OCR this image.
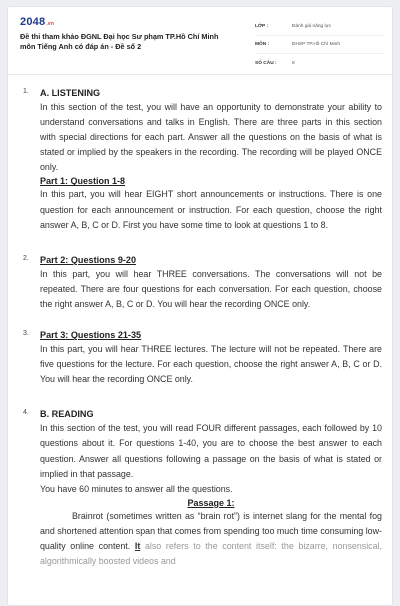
2048.vn
Đề thi tham khảo ĐGNL Đại học Sư phạm TP.Hồ Chí Minh
môn Tiếng Anh có đáp án - Đề số 2
LỚP :	Đánh giá năng lực
MÔN :	ĐHSP TP.Hồ Chí Minh
SỐ CÂU :	8
1. A. LISTENING

In this section of the test, you will have an opportunity to demonstrate your ability to understand conversations and talks in English. There are three parts in this section with special directions for each part. Answer all the questions on the basis of what is stated or implied by the speakers in the recording. The recording will be played ONCE only.

Part 1: Question 1-8

In this part, you will hear EIGHT short announcements or instructions. There is one question for each announcement or instruction. For each question, choose the right answer A, B, C or D. First you have some time to look at questions 1 to 8.

2. Part 2: Questions 9-20

In this part, you will hear THREE conversations. The conversations will not be repeated. There are four questions for each conversation. For each question, choose the right answer A, B, C or D. You will hear the recording ONCE only.

3. Part 3: Questions 21-35

In this part, you will hear THREE lectures. The lecture will not be repeated. There are five questions for the lecture. For each question, choose the right answer A, B, C or D. You will hear the recording ONCE only.

4. B. READING

In this section of the test, you will read FOUR different passages, each followed by 10 questions about it. For questions 1-40, you are to choose the best answer to each question. Answer all questions following a passage on the basis of what is stated or implied in that passage.

You have 60 minutes to answer all the questions.

Passage 1:

Brainrot (sometimes written as “brain rot”) is internet slang for the mental fog and shortened attention span that comes from spending too much time consuming low-quality online content. It also refers to the content itself: the bizarre, nonsensical, algorithmically boosted videos and
